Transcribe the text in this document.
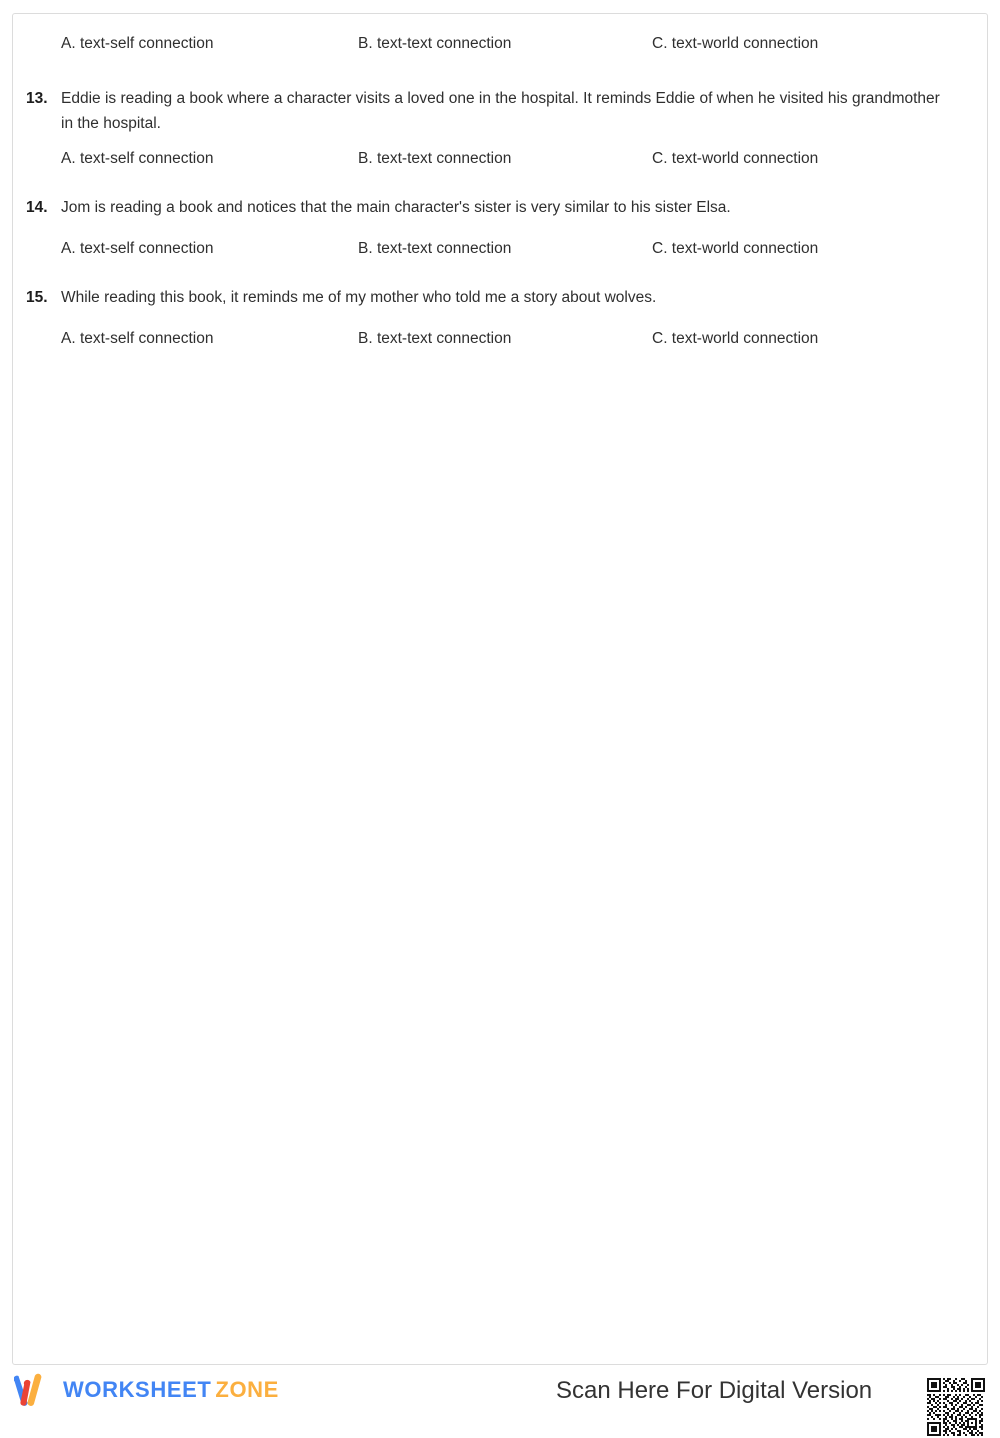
A. text-self connection	B. text-text connection	C. text-world connection
13. Eddie is reading a book where a character visits a loved one in the hospital. It reminds Eddie of when he visited his grandmother in the hospital.

A. text-self connection	B. text-text connection	C. text-world connection
14. Jom is reading a book and notices that the main character's sister is very similar to his sister Elsa.

A. text-self connection	B. text-text connection	C. text-world connection
15. While reading this book, it reminds me of my mother who told me a story about wolves.

A. text-self connection	B. text-text connection	C. text-world connection
WORKSHEET ZONE	Scan Here For Digital Version
